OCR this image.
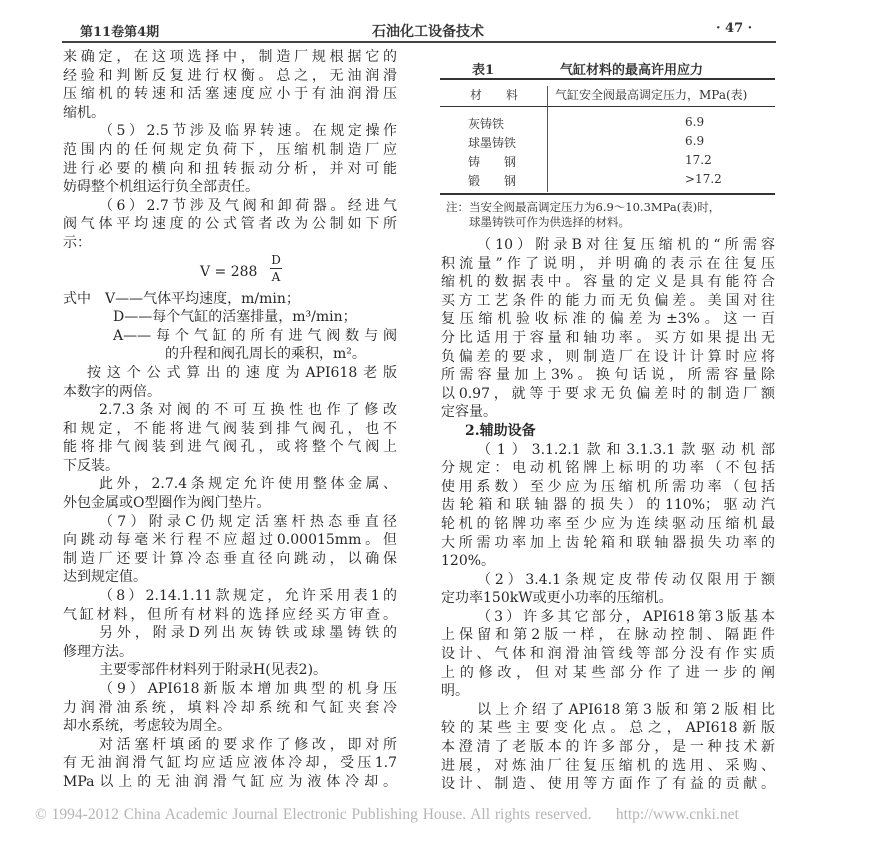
第11卷第4期	石油化工设备技术	· 47 ·
来确定，在这项选择中，制造厂规根据它的
经验和判断反复进行权衡。总之，无油润滑
压缩机的转速和活塞速度应小于有油润滑压
缩机。
（5）2.5节涉及临界转速。在规定操作
范围内的任何规定负荷下，压缩机制造厂应
进行必要的横向和扭转振动分析，并对可能
妨碍整个机组运行负全部责任。
（6）2.7节涉及气阀和卸荷器。经进气
阀气体平均速度的公式管者改为公制如下所
示：
V = 288
D
A
式中　V——气体平均速度，m/min；
D——每个气缸的活塞排量，m³/min；
A——每个气缸的所有进气阀数与阀
的升程和阀孔周长的乘积，m²。
按这个公式算出的速度为API618老版
本数字的两倍。
2.7.3条对阀的不可互换性也作了修改
和规定，不能将进气阀装到排气阀孔，也不
能将排气阀装到进气阀孔，或将整个气阀上
下反装。
此外，2.7.4条规定允许使用整体金属、
外包金属或O型圈作为阀门垫片。
（7）附录C仍规定活塞杆热态垂直径
向跳动每毫米行程不应超过0.00015mm。但
制造厂还要计算冷态垂直径向跳动，以确保
达到规定值。
（8）2.14.1.11款规定，允许采用表1的
气缸材料，但所有材料的选择应经买方审查。
另外，附录D列出灰铸铁或球墨铸铁的
修理方法。
主要零部件材料列于附录H(见表2)。
（9）API618新版本增加典型的机身压
力润滑油系统，填料冷却系统和气缸夹套冷
却水系统，考虑较为周全。
对活塞杆填函的要求作了修改，即对所
有无油润滑气缸均应适应液体冷却，受压1.7
MPa以上的无油润滑气缸应为液体冷却。
表1	气缸材料的最高许用应力
材　　料	气缸安全阀最高调定压力，MPa(表)
灰铸铁	6.9
球墨铸铁	6.9
铸　　钢	17.2
锻　　钢	>17.2
注：当安全阀最高调定压力为6.9～10.3MPa(表)时，
　　球墨铸铁可作为供选择的材料。
（10）附录B对往复压缩机的“所需容
积流量”作了说明，并明确的表示在往复压
缩机的数据表中。容量的定义是具有能符合
买方工艺条件的能力而无负偏差。美国对往
复压缩机验收标准的偏差为±3%。这一百
分比适用于容量和轴功率。买方如果提出无
负偏差的要求，则制造厂在设计计算时应将
所需容量加上3%。换句话说，所需容量除
以0.97，就等于要求无负偏差时的制造厂额
定容量。
2.辅助设备
（1）3.1.2.1款和3.1.3.1款驱动机部
分规定：电动机铭牌上标明的功率（不包括
使用系数）至少应为压缩机所需功率（包括
齿轮箱和联轴器的损失）的110%；驱动汽
轮机的铭牌功率至少应为连续驱动压缩机最
大所需功率加上齿轮箱和联轴器损失功率的
120%。
（2）3.4.1条规定皮带传动仅限用于额
定功率150kW或更小功率的压缩机。
（3）许多其它部分，API618第3版基本
上保留和第2版一样，在脉动控制、隔距件
设计、气体和润滑油管线等部分没有作实质
上的修改，但对某些部分作了进一步的阐
明。
以上介绍了API618第3版和第2版相比
较的某些主要变化点。总之，API618新版
本澄清了老版本的许多部分，是一种技术新
进展，对炼油厂往复压缩机的选用、采购、
设计、制造、使用等方面作了有益的贡献。
© 1994-2012 China Academic Journal Electronic Publishing House. All rights reserved. http://www.cnki.net
